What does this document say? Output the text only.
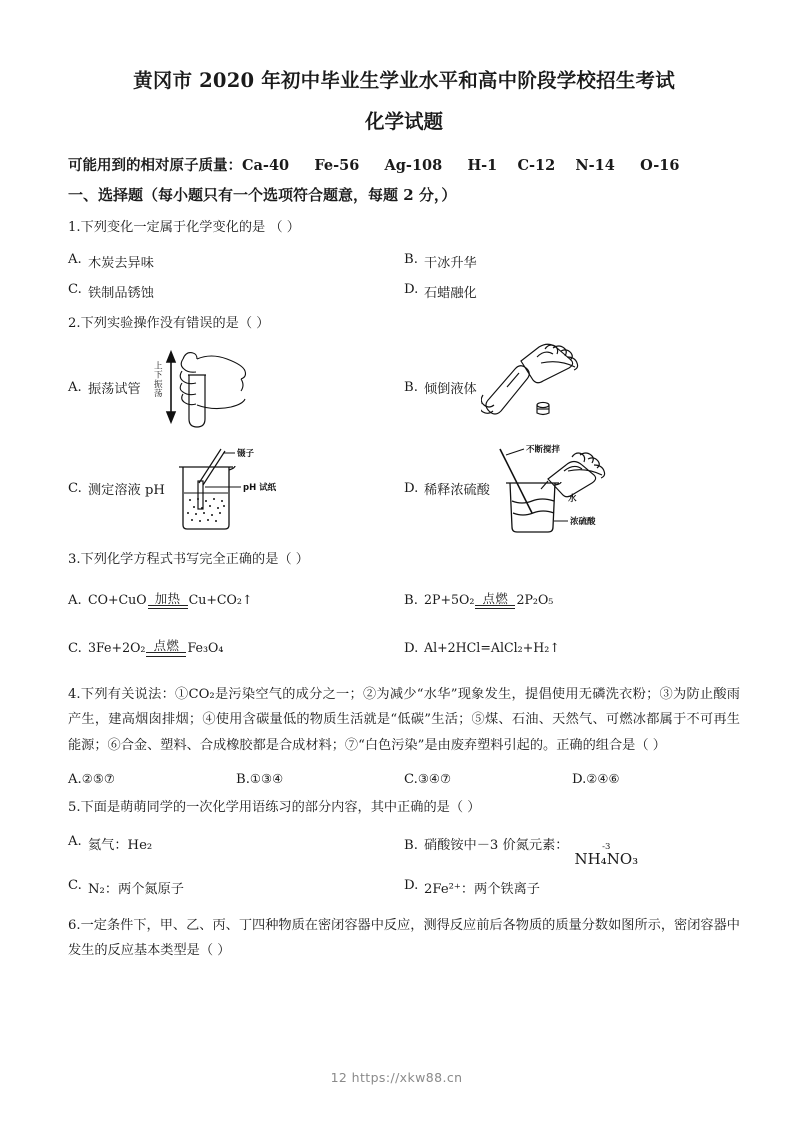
黄冈市 2020 年初中毕业生学业水平和高中阶段学校招生考试
化学试题
可能用到的相对原子质量：Ca-40     Fe-56     Ag-108     H-1    C-12    N-14     O-16
一、选择题（每小题只有一个选项符合题意，每题 2 分，）
1.下列变化一定属于化学变化的是 （ ）
A. 木炭去异味	B. 干冰升华
C. 铁制品锈蚀	D. 石蜡融化
2.下列实验操作没有错误的是（ ）
A. 振荡试管 上下振荡	B. 倾倒液体
C. 测定溶液 pH
镊子
pH 试纸	D. 稀释浓硫酸
不断搅拌
水
浓硫酸
3.下列化学方程式书写完全正确的是（ ）
A. CO+CuO 加热 Cu+CO₂↑	B. 2P+5O₂ 点燃 2P₂O₅
C. 3Fe+2O₂ 点燃 Fe₃O₄	D. Al+2HCl=AlCl₂+H₂↑
4.下列有关说法：①CO₂是污染空气的成分之一；②为减少“水华”现象发生，提倡使用无磷洗衣粉；③为防止酸雨产生，建高烟囱排烟；④使用含碳量低的物质生活就是“低碳”生活；⑤煤、石油、天然气、可燃冰都属于不可再生能源；⑥合金、塑料、合成橡胶都是合成材料；⑦“白色污染”是由废弃塑料引起的。正确的组合是（ ）
A.②⑤⑦	B.①③④	C.③④⑦	D.②④⑥
5.下面是萌萌同学的一次化学用语练习的部分内容，其中正确的是（ ）
A. 氦气：He₂	B. 硝酸铵中－3 价氮元素：	-3
NH₄NO₃
C. N₂：两个氮原子	D. 2Fe²⁺：两个铁离子
6.一定条件下，甲、乙、丙、丁四种物质在密闭容器中反应，测得反应前后各物质的质量分数如图所示，密闭容器中发生的反应基本类型是（ ）
12 https://xkw88.cn
